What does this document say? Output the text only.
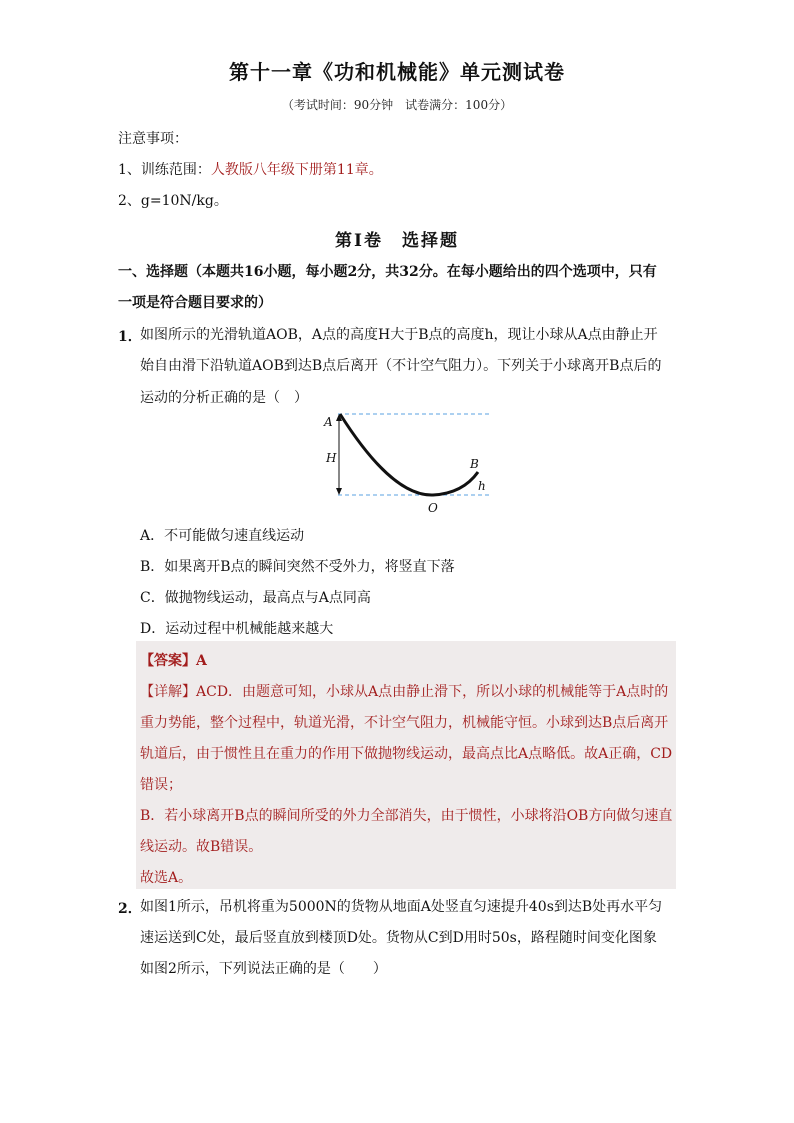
第十一章《功和机械能》单元测试卷
（考试时间：90分钟　试卷满分：100分）
注意事项：
1、训练范围：人教版八年级下册第11章。
2、g=10N/kg。
第Ⅰ卷　选择题
一、选择题（本题共16小题，每小题2分，共32分。在每小题给出的四个选项中，只有
一项是符合题目要求的）
1．
如图所示的光滑轨道AOB，A点的高度H大于B点的高度h，现让小球从A点由静止开
始自由滑下沿轨道AOB到达B点后离开（不计空气阻力）。下列关于小球离开B点后的
运动的分析正确的是（　）
A
H	B
h
O
A．不可能做匀速直线运动
B．如果离开B点的瞬间突然不受外力，将竖直下落
C．做抛物线运动，最高点与A点同高
D．运动过程中机械能越来越大
【答案】A
【详解】ACD．由题意可知，小球从A点由静止滑下，所以小球的机械能等于A点时的
重力势能，整个过程中，轨道光滑，不计空气阻力，机械能守恒。小球到达B点后离开
轨道后，由于惯性且在重力的作用下做抛物线运动，最高点比A点略低。故A正确，CD
错误；
B．若小球离开B点的瞬间所受的外力全部消失，由于惯性，小球将沿OB方向做匀速直
线运动。故B错误。
故选A。
2．
如图1所示，吊机将重为5000N的货物从地面A处竖直匀速提升40s到达B处再水平匀
速运送到C处，最后竖直放到楼顶D处。货物从C到D用时50s，路程随时间变化图象
如图2所示，下列说法正确的是（　　）
